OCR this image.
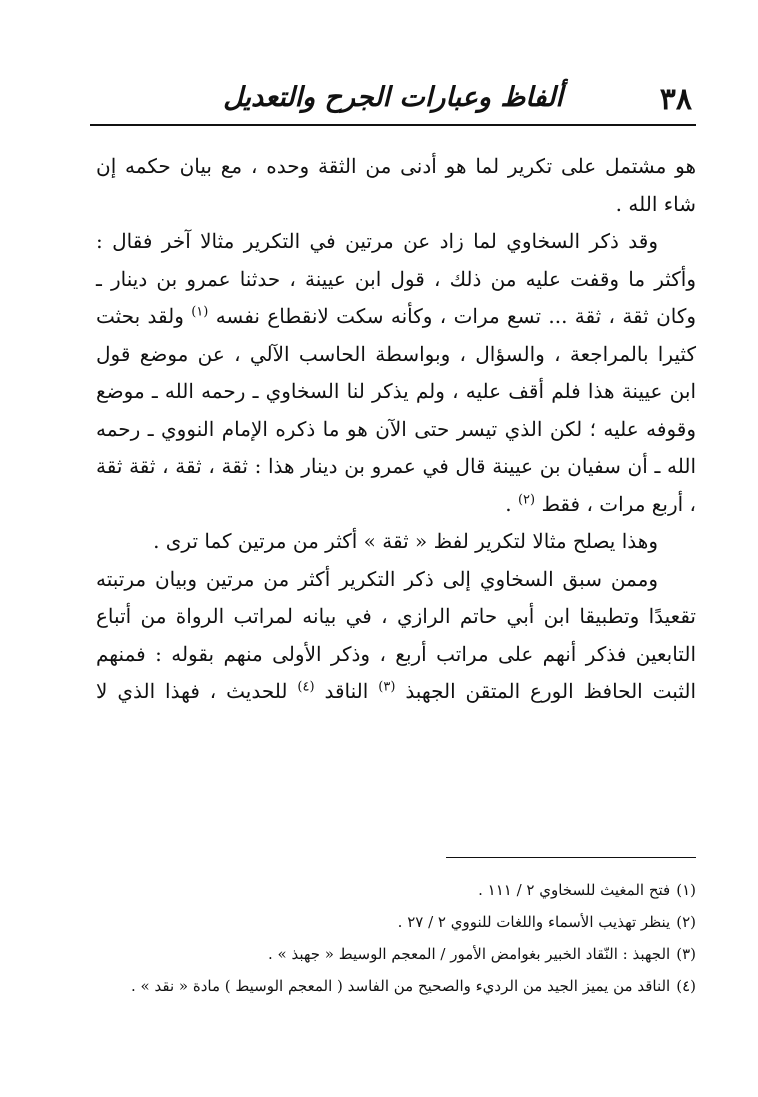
٣٨
ألفاظ وعبارات الجرح والتعديل

هو مشتمل على تكرير لما هو أدنى من الثقة وحده ، مع بيان حكمه إن

شاء الله .

وقد ذكر السخاوي لما زاد عن مرتين في التكرير مثالا آخر فقال : وأكثر ما وقفت عليه من ذلك ، قول ابن عيينة ، حدثنا عمرو بن دينار ـ وكان ثقة ، ثقة ... تسع مرات ، وكأنه سكت لانقطاع نفسه $^{(١)}$ ولقد بحثت كثيرا بالمراجعة ، والسؤال ، وبواسطة الحاسب الآلي ، عن موضع قول ابن عيينة هذا فلم أقف عليه ، ولم يذكر لنا السخاوي ـ رحمه الله ـ موضع وقوفه عليه ؛ لكن الذي تيسر حتى الآن هو ما ذكره الإمام النووي ـ رحمه الله ـ أن سفيان بن عيينة قال في عمرو بن دينار هذا : ثقة ، ثقة ، ثقة ثقة ، أربع مرات ، فقط $^{(٢)}$ .

وهذا يصلح مثالا لتكرير لفظ « ثقة » أكثر من مرتين كما ترى .

وممن سبق السخاوي إلى ذكر التكرير أكثر من مرتين وبيان مرتبته تقعيدًا وتطبيقا ابن أبي حاتم الرازي ، في بيانه لمراتب الرواة من أتباع التابعين فذكر أنهم على مراتب أربع ، وذكر الأولى منهم بقوله : فمنهم الثبت الحافظ الورع المتقن الجهبذ $^{(٣)}$ الناقد $^{(٤)}$ للحديث ، فهذا الذي لا

(١)فتح المغيث للسخاوي ٢ / ١١١ .

(٢)ينظر تهذيب الأسماء واللغات للنووي ٢ / ٢٧ .

(٣)الجهبذ : النّقاد الخبير بغوامض الأمور / المعجم الوسيط « جهبذ » .

(٤)الناقد من يميز الجيد من الرديء والصحيح من الفاسد ( المعجم الوسيط ) مادة « نقد » .
